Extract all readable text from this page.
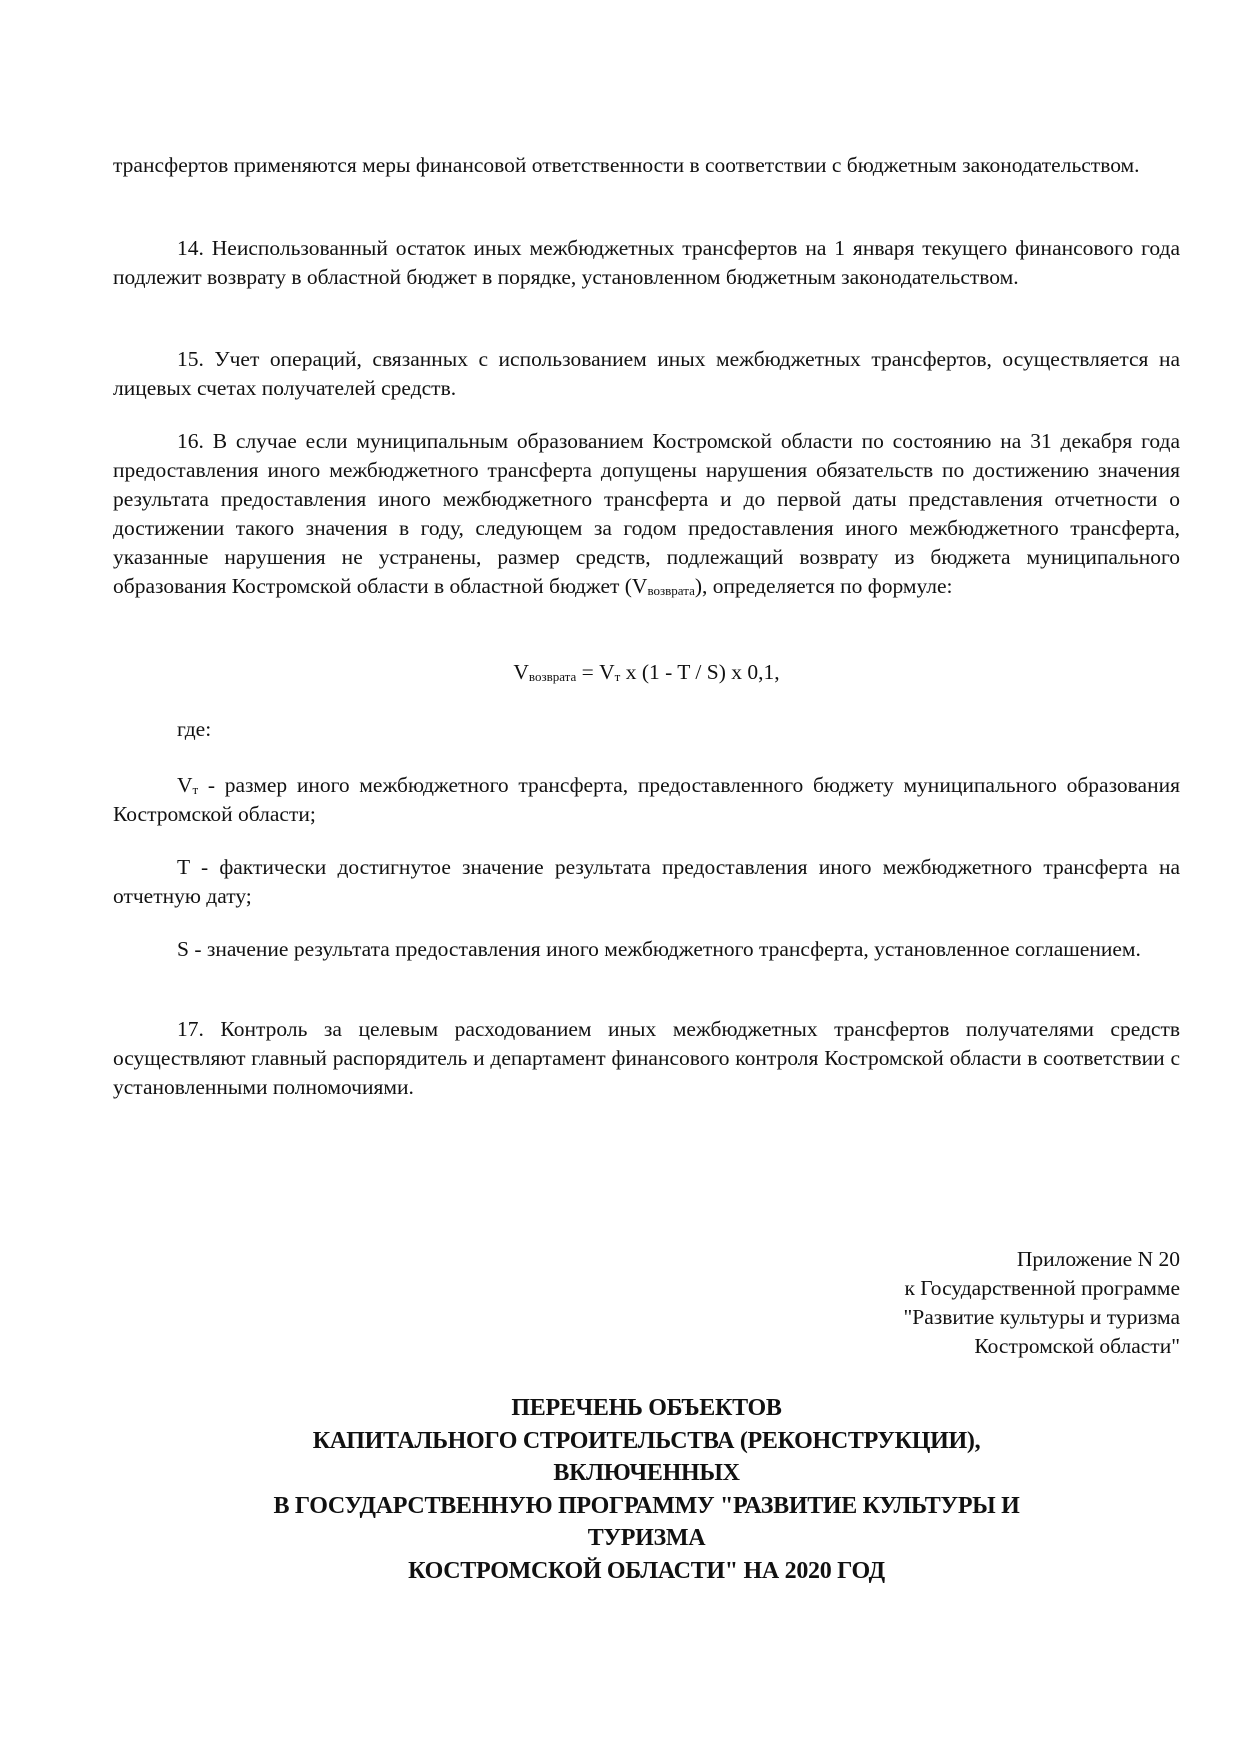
трансфертов применяются меры финансовой ответственности в соответствии с бюджетным законодательством.

14. Неиспользованный остаток иных межбюджетных трансфертов на 1 января текущего финансового года подлежит возврату в областной бюджет в порядке, установленном бюджетным законодательством.

15. Учет операций, связанных с использованием иных межбюджетных трансфертов, осуществляется на лицевых счетах получателей средств.

16. В случае если муниципальным образованием Костромской области по состоянию на 31 декабря года предоставления иного межбюджетного трансферта допущены нарушения обязательств по достижению значения результата предоставления иного межбюджетного трансферта и до первой даты представления отчетности о достижении такого значения в году, следующем за годом предоставления иного межбюджетного трансферта, указанные нарушения не устранены, размер средств, подлежащий возврату из бюджета муниципального образования Костромской области в областной бюджет $(V_{возврата})$, определяется по формуле:

$V_{возврата} = V_т$ x (1 - T / S) x 0,1,

где:

$V_т$ - размер иного межбюджетного трансферта, предоставленного бюджету муниципального образования Костромской области;

T - фактически достигнутое значение результата предоставления иного межбюджетного трансферта на отчетную дату;

S - значение результата предоставления иного межбюджетного трансферта, установленное соглашением.

17. Контроль за целевым расходованием иных межбюджетных трансфертов получателями средств осуществляют главный распорядитель и департамент финансового контроля Костромской области в соответствии с установленными полномочиями.

Приложение N 20
к Государственной программе
"Развитие культуры и туризма
Костромской области"
ПЕРЕЧЕНЬ ОБЪЕКТОВ
КАПИТАЛЬНОГО СТРОИТЕЛЬСТВА (РЕКОНСТРУКЦИИ),
ВКЛЮЧЕННЫХ
В ГОСУДАРСТВЕННУЮ ПРОГРАММУ "РАЗВИТИЕ КУЛЬТУРЫ И
ТУРИЗМА
КОСТРОМСКОЙ ОБЛАСТИ" НА 2020 ГОД
